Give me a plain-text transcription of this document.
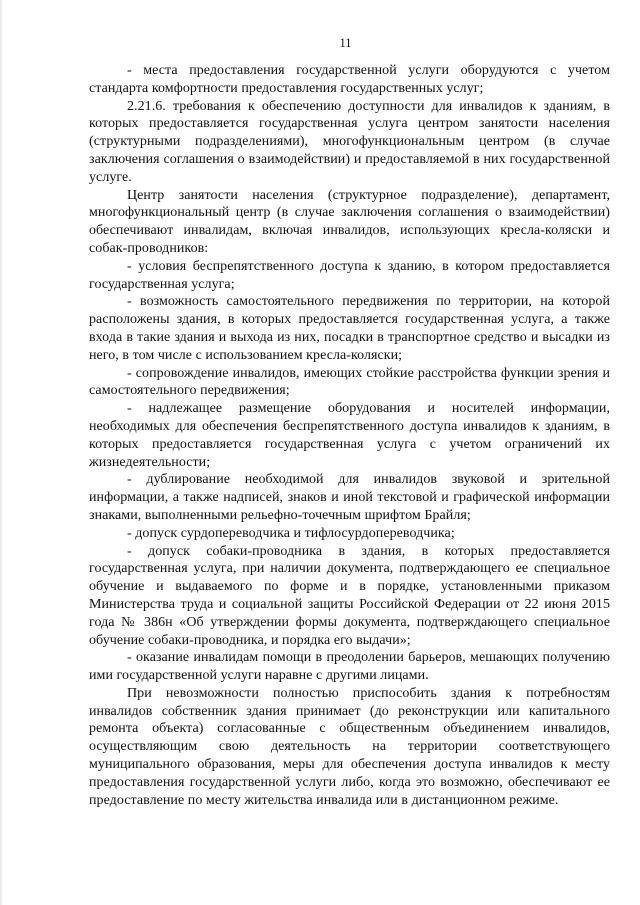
11

- места предоставления государственной услуги оборудуются с учетом стандарта комфортности предоставления государственных услуг;

2.21.6. требования к обеспечению доступности для инвалидов к зданиям, в которых предоставляется государственная услуга центром занятости населения (структурными подразделениями), многофункциональным центром (в случае заключения соглашения о взаимодействии) и предоставляемой в них государственной услуге.

Центр занятости населения (структурное подразделение), департамент, многофункциональный центр (в случае заключения соглашения о взаимодействии) обеспечивают инвалидам, включая инвалидов, использующих кресла-коляски и собак-проводников:

- условия беспрепятственного доступа к зданию, в котором предоставляется государственная услуга;

- возможность самостоятельного передвижения по территории, на которой расположены здания, в которых предоставляется государственная услуга, а также входа в такие здания и выхода из них, посадки в транспортное средство и высадки из него, в том числе с использованием кресла-коляски;

- сопровождение инвалидов, имеющих стойкие расстройства функции зрения и самостоятельного передвижения;

- надлежащее размещение оборудования и носителей информации, необходимых для обеспечения беспрепятственного доступа инвалидов к зданиям, в которых предоставляется государственная услуга с учетом ограничений их жизнедеятельности;

- дублирование необходимой для инвалидов звуковой и зрительной информации, а также надписей, знаков и иной текстовой и графической информации знаками, выполненными рельефно-точечным шрифтом Брайля;

- допуск сурдопереводчика и тифлосурдопереводчика;

- допуск собаки-проводника в здания, в которых предоставляется государственная услуга, при наличии документа, подтверждающего ее специальное обучение и выдаваемого по форме и в порядке, установленными приказом Министерства труда и социальной защиты Российской Федерации от 22 июня 2015 года № 386н «Об утверждении формы документа, подтверждающего специальное обучение собаки-проводника, и порядка его выдачи»;

- оказание инвалидам помощи в преодолении барьеров, мешающих получению ими государственной услуги наравне с другими лицами.

При невозможности полностью приспособить здания к потребностям инвалидов собственник здания принимает (до реконструкции или капитального ремонта объекта) согласованные с общественным объединением инвалидов, осуществляющим свою деятельность на территории соответствующего муниципального образования, меры для обеспечения доступа инвалидов к месту предоставления государственной услуги либо, когда это возможно, обеспечивают ее предоставление по месту жительства инвалида или в дистанционном режиме.
